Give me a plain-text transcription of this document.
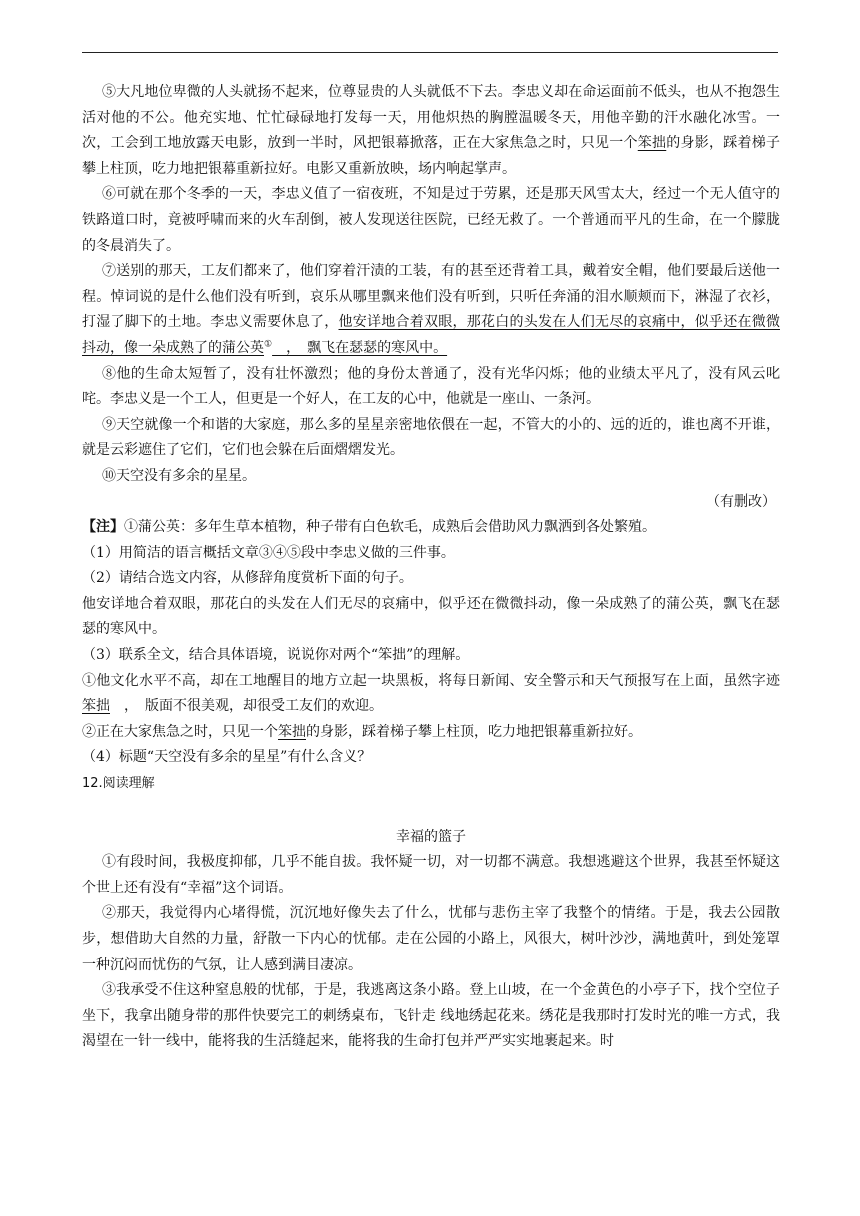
⑤大凡地位卑微的人头就扬不起来，位尊显贵的人头就低不下去。李忠义却在命运面前不低头，也从不抱怨生活对他的不公。他充实地、忙忙碌碌地打发每一天，用他炽热的胸膛温暖冬天，用他辛勤的汗水融化冰雪。一次，工会到工地放露天电影，放到一半时，风把银幕掀落，正在大家焦急之时，只见一个笨拙的身影，踩着梯子攀上柱顶，吃力地把银幕重新拉好。电影又重新放映，场内响起掌声。

⑥可就在那个冬季的一天，李忠义值了一宿夜班，不知是过于劳累，还是那天风雪太大，经过一个无人值守的铁路道口时，竟被呼啸而来的火车刮倒，被人发现送往医院，已经无救了。一个普通而平凡的生命，在一个朦胧的冬晨消失了。

⑦送别的那天，工友们都来了，他们穿着汗渍的工装，有的甚至还背着工具，戴着安全帽，他们要最后送他一程。悼词说的是什么他们没有听到，哀乐从哪里飘来他们没有听到，只听任奔涌的泪水顺颊而下，淋湿了衣衫，打湿了脚下的土地。李忠义需要休息了，他安详地合着双眼，那花白的头发在人们无尽的哀痛中，似乎还在微微抖动，像一朵成熟了的蒲公英①　，　飘飞在瑟瑟的寒风中。

⑧他的生命太短暂了，没有壮怀激烈；他的身份太普通了，没有光华闪烁；他的业绩太平凡了，没有风云叱咤。李忠义是一个工人，但更是一个好人，在工友的心中，他就是一座山、一条河。

⑨天空就像一个和谐的大家庭，那么多的星星亲密地依偎在一起，不管大的小的、远的近的，谁也离不开谁，就是云彩遮住了它们，它们也会躲在后面熠熠发光。

⑩天空没有多余的星星。

（有删改）

【注】①蒲公英：多年生草本植物，种子带有白色软毛，成熟后会借助风力飘洒到各处繁殖。

（1）用简洁的语言概括文章③④⑤段中李忠义做的三件事。

（2）请结合选文内容，从修辞角度赏析下面的句子。

他安详地合着双眼，那花白的头发在人们无尽的哀痛中，似乎还在微微抖动，像一朵成熟了的蒲公英，飘飞在瑟瑟的寒风中。

（3）联系全文，结合具体语境，说说你对两个“笨拙”的理解。

①他文化水平不高，却在工地醒目的地方立起一块黑板，将每日新闻、安全警示和天气预报写在上面，虽然字迹笨拙　，　版面不很美观，却很受工友们的欢迎。

②正在大家焦急之时，只见一个笨拙的身影，踩着梯子攀上柱顶，吃力地把银幕重新拉好。

（4）标题“天空没有多余的星星”有什么含义？

12.阅读理解

幸福的篮子

①有段时间，我极度抑郁，几乎不能自拔。我怀疑一切，对一切都不满意。我想逃避这个世界，我甚至怀疑这个世上还有没有“幸福”这个词语。

②那天，我觉得内心堵得慌，沉沉地好像失去了什么，忧郁与悲伤主宰了我整个的情绪。于是，我去公园散步，想借助大自然的力量，舒散一下内心的忧郁。走在公园的小路上，风很大，树叶沙沙，满地黄叶，到处笼罩一种沉闷而忧伤的气氛，让人感到满目凄凉。

③我承受不住这种窒息般的忧郁，于是，我逃离这条小路。登上山坡，在一个金黄色的小亭子下，找个空位子坐下，我拿出随身带的那件快要完工的刺绣桌布，飞针走 线地绣起花来。绣花是我那时打发时光的唯一方式，我渴望在一针一线中，能将我的生活缝起来，能将我的生命打包并严严实实地裹起来。时
